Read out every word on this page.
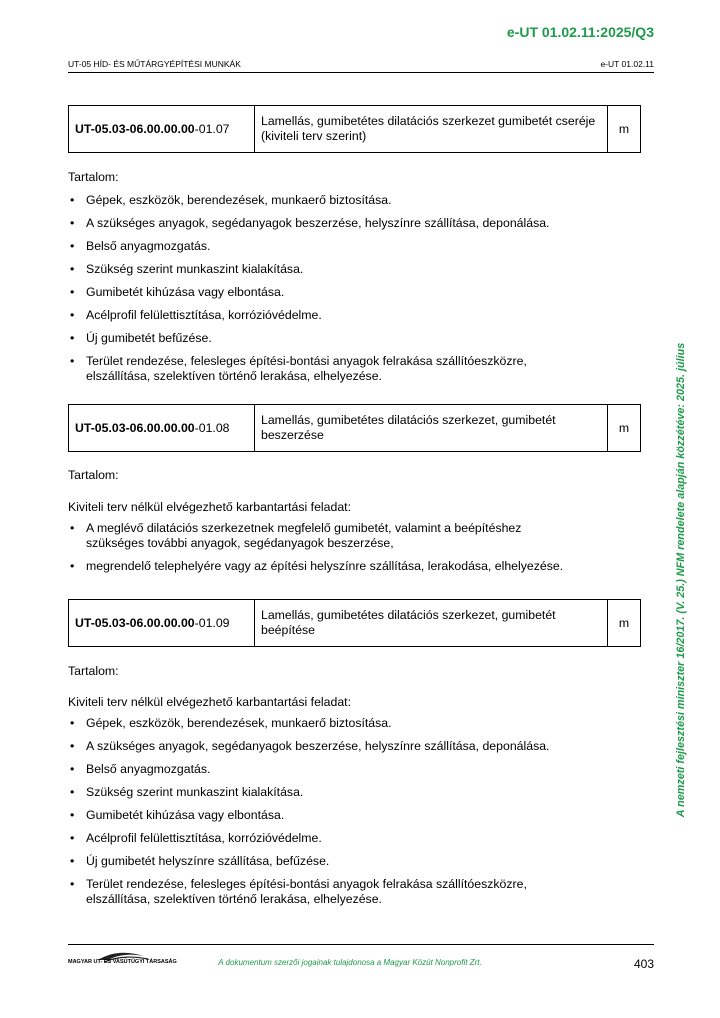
e-UT 01.02.11:2025/Q3
UT-05 HÍD- ÉS MŰTÁRGYÉPÍTÉSI MUNKÁK	e-UT 01.02.11
A nemzeti fejlesztési miniszter 16/2017. (V. 25.) NFM rendelete alapján közzétéve: 2025. július
UT-05.03-06.00.00.00-01.07	Lamellás, gumibetétes dilatációs szerkezet gumibetét cseréje (kiviteli terv szerint)	m
Tartalom:
• Gépek, eszközök, berendezések, munkaerő biztosítása.
• A szükséges anyagok, segédanyagok beszerzése, helyszínre szállítása, deponálása.
• Belső anyagmozgatás.
• Szükség szerint munkaszint kialakítása.
• Gumibetét kihúzása vagy elbontása.
• Acélprofil felülettisztítása, korrózióvédelme.
• Új gumibetét befűzése.
• Terület rendezése, felesleges építési-bontási anyagok felrakása szállítóeszközre, elszállítása, szelektíven történő lerakása, elhelyezése.
UT-05.03-06.00.00.00-01.08	Lamellás, gumibetétes dilatációs szerkezet, gumibetét beszerzése	m
Tartalom:
Kiviteli terv nélkül elvégezhető karbantartási feladat:
• A meglévő dilatációs szerkezetnek megfelelő gumibetét, valamint a beépítéshez szükséges további anyagok, segédanyagok beszerzése,
• megrendelő telephelyére vagy az építési helyszínre szállítása, lerakodása, elhelyezése.
UT-05.03-06.00.00.00-01.09	Lamellás, gumibetétes dilatációs szerkezet, gumibetét beépítése	m
Tartalom:
Kiviteli terv nélkül elvégezhető karbantartási feladat:
• Gépek, eszközök, berendezések, munkaerő biztosítása.
• A szükséges anyagok, segédanyagok beszerzése, helyszínre szállítása, deponálása.
• Belső anyagmozgatás.
• Szükség szerint munkaszint kialakítása.
• Gumibetét kihúzása vagy elbontása.
• Acélprofil felülettisztítása, korrózióvédelme.
• Új gumibetét helyszínre szállítása, befűzése.
• Terület rendezése, felesleges építési-bontási anyagok felrakása szállítóeszközre, elszállítása, szelektíven történő lerakása, elhelyezése.
MAGYAR UT- ÉS VASÚTÜGYI TÁRSASÁG	A dokumentum szerzői jogainak tulajdonosa a Magyar Közút Nonprofit Zrt.	403
